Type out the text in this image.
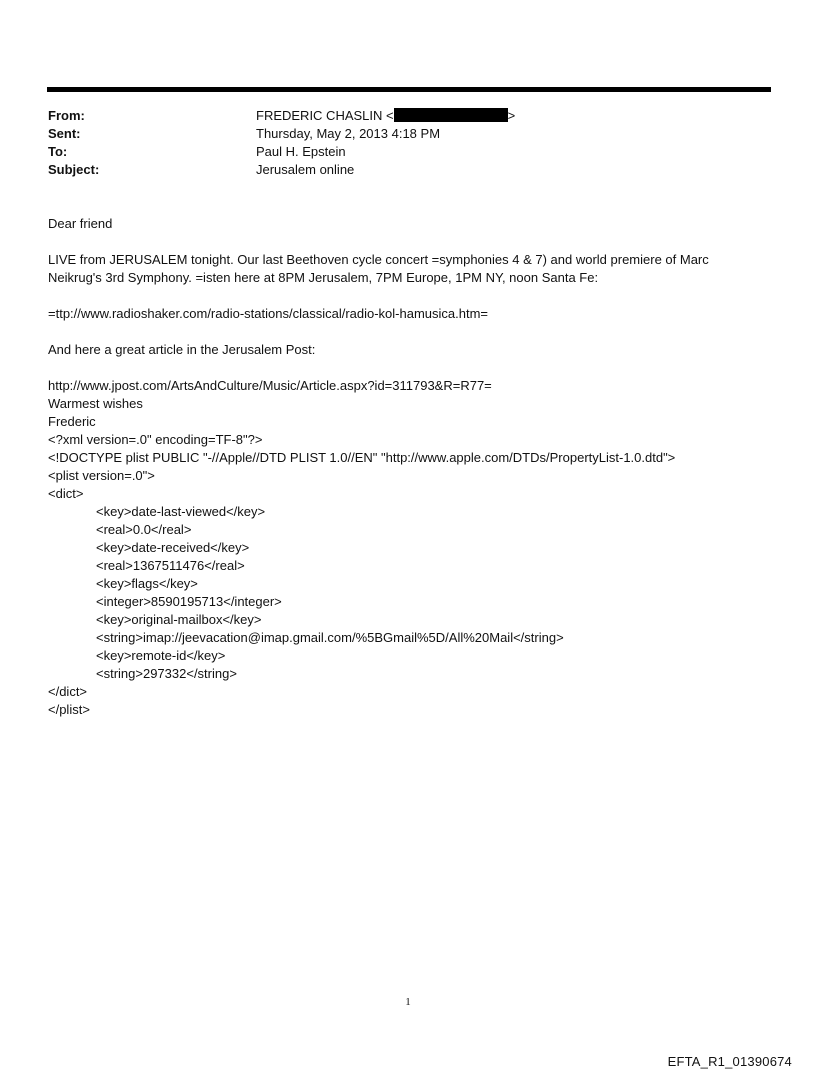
From:	FREDERIC CHASLIN <	>
Sent:	Thursday, May 2, 2013 4:18 PM
To:	Paul H. Epstein
Subject:	Jerusalem online

Dear friend

LIVE from JERUSALEM tonight. Our last Beethoven cycle concert =symphonies 4 & 7) and world premiere of Marc Neikrug's 3rd Symphony. =isten here at 8PM Jerusalem, 7PM Europe, 1PM NY, noon Santa Fe:

=ttp://www.radioshaker.com/radio-stations/classical/radio-kol-hamusica.htm=

And here a great article in the Jerusalem Post:

http://www.jpost.com/ArtsAndCulture/Music/Article.aspx?id=311793&R=R77=

Warmest wishes

Frederic

<?xml version=.0" encoding=TF-8"?>
<!DOCTYPE plist PUBLIC "-//Apple//DTD PLIST 1.0//EN" "http://www.apple.com/DTDs/PropertyList-1.0.dtd">
<plist version=.0">
<dict>
<key>date-last-viewed</key>
<real>0.0</real>
<key>date-received</key>
<real>1367511476</real>
<key>flags</key>
<integer>8590195713</integer>
<key>original-mailbox</key>
<string>imap://jeevacation@imap.gmail.com/%5BGmail%5D/All%20Mail</string>
<key>remote-id</key>
<string>297332</string>
</dict>
</plist>
1
EFTA_R1_01390674
